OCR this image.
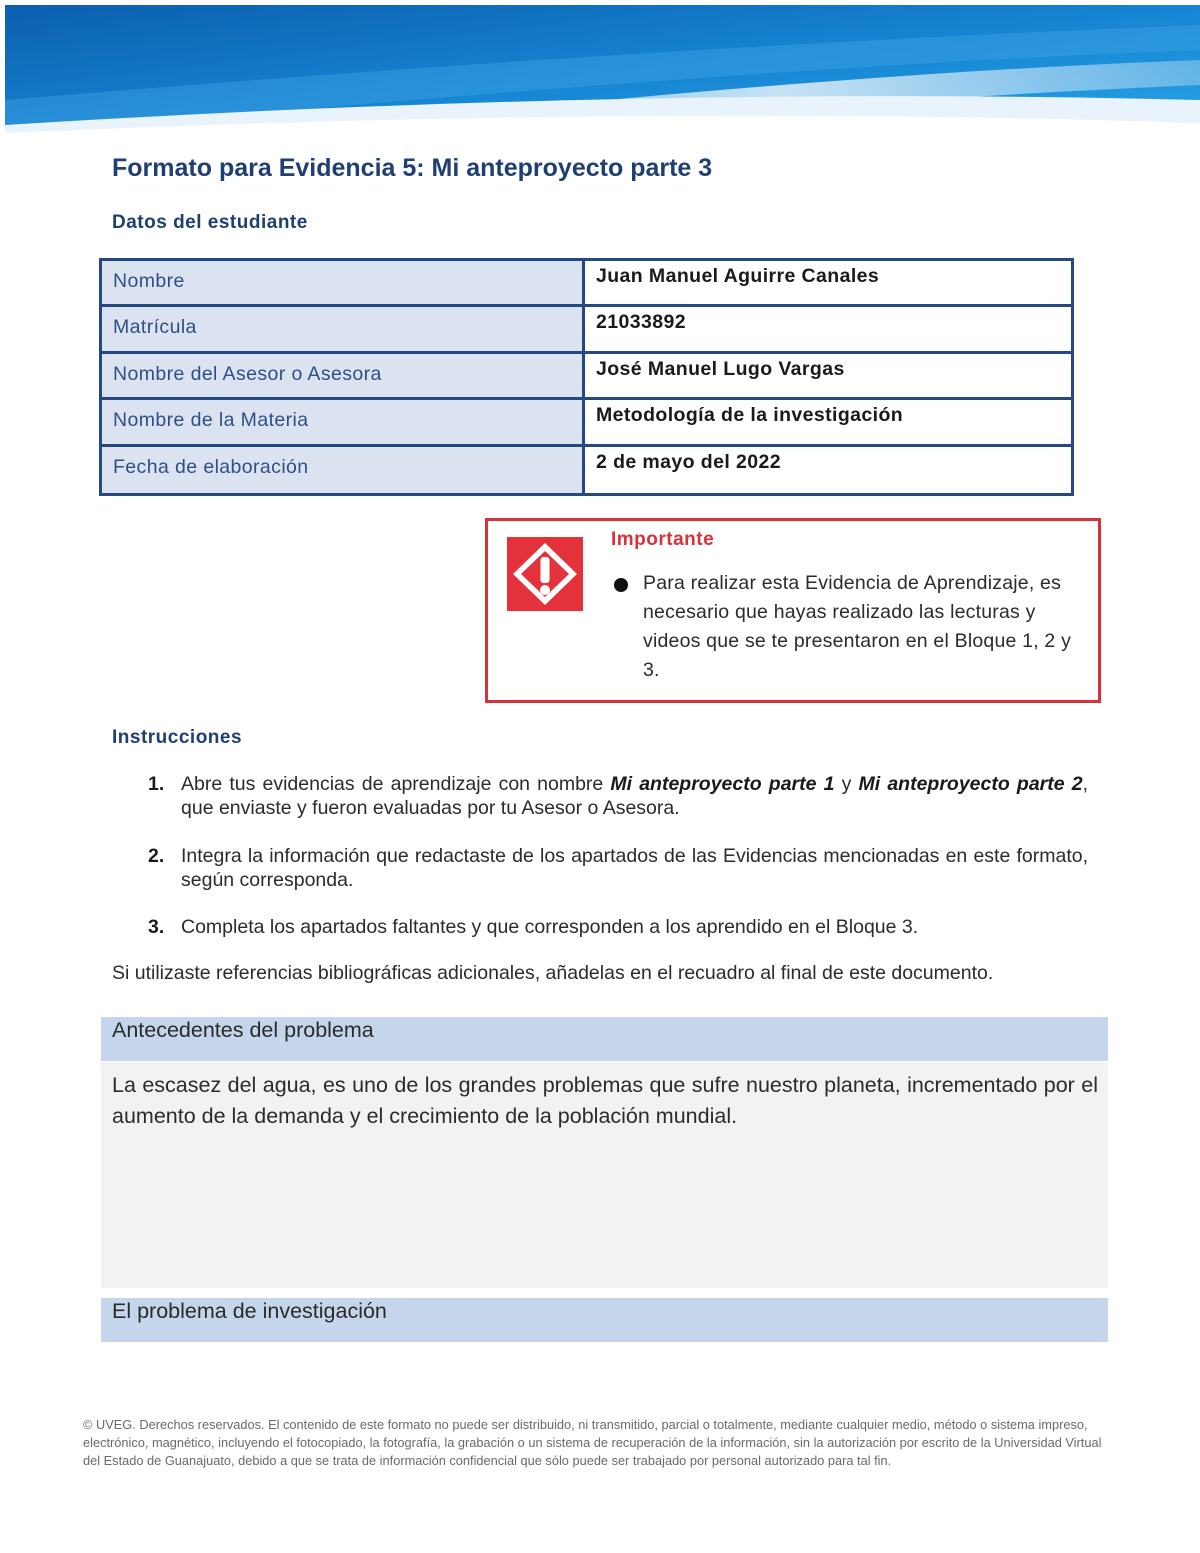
Formato para Evidencia 5: Mi anteproyecto parte 3
Datos del estudiante
Nombre	Juan Manuel Aguirre Canales
Matrícula	21033892
Nombre del Asesor o Asesora	José Manuel Lugo Vargas
Nombre de la Materia	Metodología de la investigación
Fecha de elaboración	2 de mayo del 2022
Importante
Para realizar esta Evidencia de Aprendizaje, es necesario que hayas realizado las lecturas y videos que se te presentaron en el Bloque 1, 2 y 3.
Instrucciones
1. Abre tus evidencias de aprendizaje con nombre Mi anteproyecto parte 1 y Mi anteproyecto parte 2, que enviaste y fueron evaluadas por tu Asesor o Asesora.
2. Integra la información que redactaste de los apartados de las Evidencias mencionadas en este formato, según corresponda.
3. Completa los apartados faltantes y que corresponden a los aprendido en el Bloque 3.
Si utilizaste referencias bibliográficas adicionales, añadelas en el recuadro al final de este documento.
Antecedentes del problema
La escasez del agua, es uno de los grandes problemas que sufre nuestro planeta, incrementado por el aumento de la demanda y el crecimiento de la población mundial.
El problema de investigación
© UVEG. Derechos reservados. El contenido de este formato no puede ser distribuido, ni transmitido, parcial o totalmente, mediante cualquier medio, método o sistema impreso, electrónico, magnético, incluyendo el fotocopiado, la fotografía, la grabación o un sistema de recuperación de la información, sin la autorización por escrito de la Universidad Virtual del Estado de Guanajuato, debido a que se trata de información confidencial que sólo puede ser trabajado por personal autorizado para tal fin.
